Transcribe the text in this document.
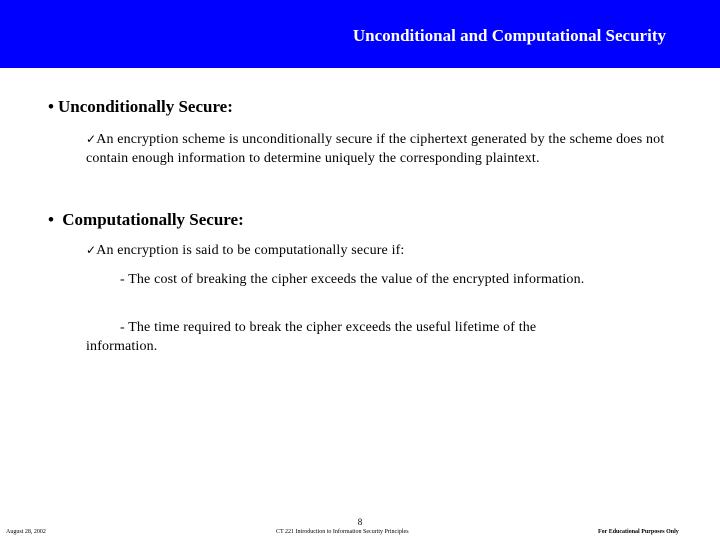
Unconditional and Computational Security
• Unconditionally Secure:
✓An encryption scheme is unconditionally secure if the ciphertext generated by the scheme does not contain enough information to determine uniquely the corresponding plaintext.
• Computationally Secure:
✓An encryption is said to be computationally secure if:
- The cost of breaking the cipher exceeds the value of the encrypted information.
- The time required to break the cipher exceeds the useful lifetime of the information.
8
August 28, 2002	CT 221 Introduction to Information Security Principles	For Educational Purposes Only
